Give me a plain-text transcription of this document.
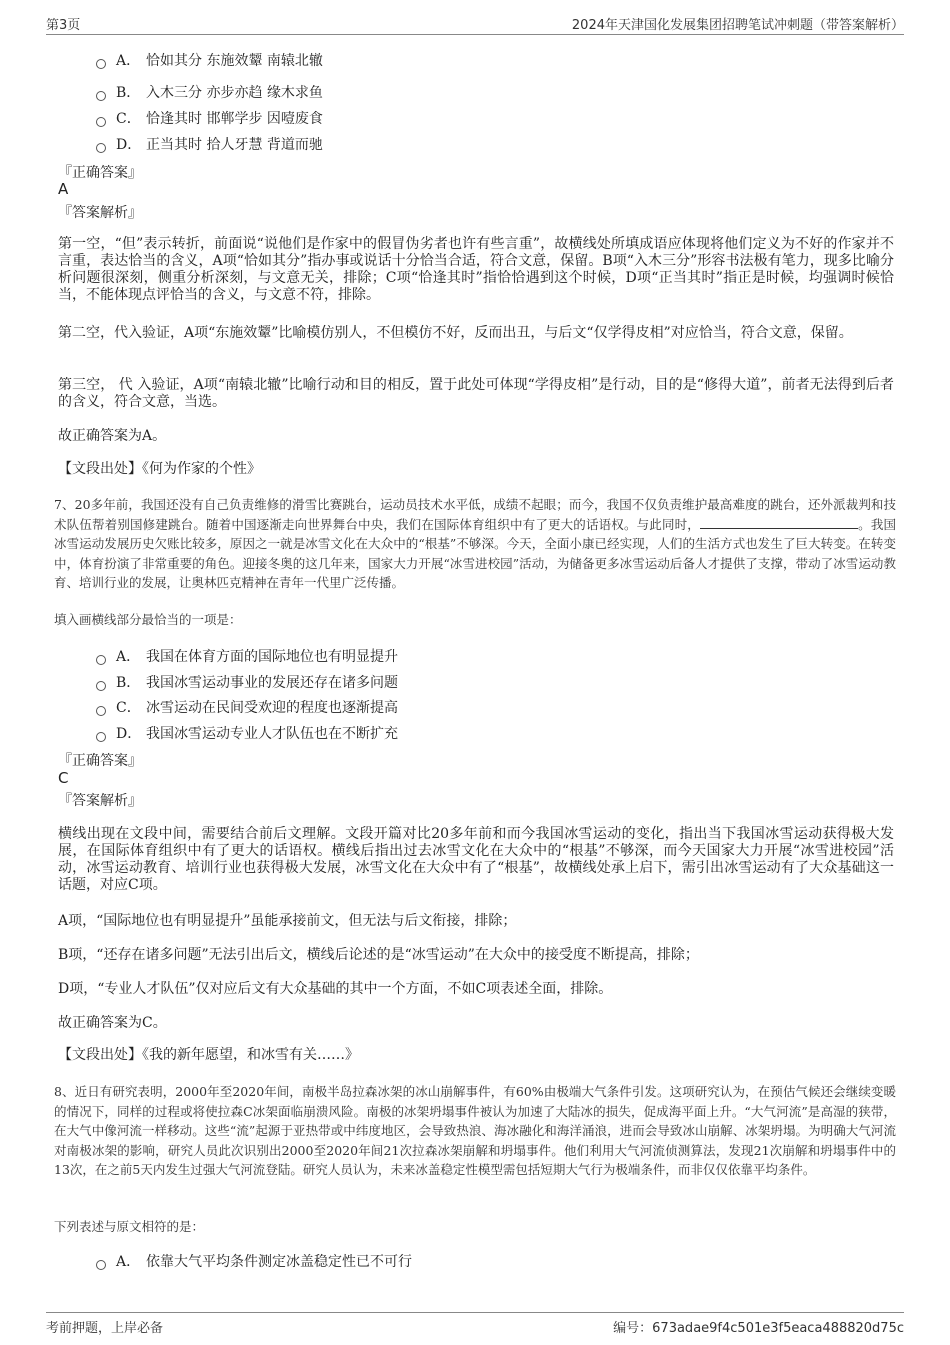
第3页	2024年天津国化发展集团招聘笔试冲刺题（带答案解析）
A． 恰如其分 东施效颦 南辕北辙
B． 入木三分 亦步亦趋 缘木求鱼
C． 恰逢其时 邯郸学步 因噎废食
D． 正当其时 拾人牙慧 背道而驰
『正确答案』
A
『答案解析』

第一空，“但”表示转折，前面说“说他们是作家中的假冒伪劣者也许有些言重”，故横线处所填成语应体现将他们定义为不好的作家并不言重，表达恰当的含义，A项“恰如其分”指办事或说话十分恰当合适，符合文意，保留。B项“入木三分”形容书法极有笔力，现多比喻分析问题很深刻，侧重分析深刻，与文意无关，排除；C项“恰逢其时”指恰恰遇到这个时候，D项“正当其时”指正是时候，均强调时候恰当，不能体现点评恰当的含义，与文意不符，排除。

第二空，代入验证，A项“东施效颦”比喻模仿别人，不但模仿不好，反而出丑，与后文“仅学得皮相”对应恰当，符合文意，保留。

第三空， 代 入验证，A项“南辕北辙”比喻行动和目的相反，置于此处可体现“学得皮相”是行动，目的是“修得大道”，前者无法得到后者的含义，符合文意，当选。

故正确答案为A。

【文段出处】《何为作家的个性》

7、20多年前，我国还没有自己负责维修的滑雪比赛跳台，运动员技术水平低，成绩不起眼；而今，我国不仅负责维护最高难度的跳台，还外派裁判和技术队伍帮着别国修建跳台。随着中国逐渐走向世界舞台中央，我们在国际体育组织中有了更大的话语权。与此同时，	。我国冰雪运动发展历史欠账比较多，原因之一就是冰雪文化在大众中的“根基”不够深。今天，全面小康已经实现，人们的生活方式也发生了巨大转变。在转变中，体育扮演了非常重要的角色。迎接冬奥的这几年来，国家大力开展“冰雪进校园”活动，为储备更多冰雪运动后备人才提供了支撑，带动了冰雪运动教育、培训行业的发展，让奥林匹克精神在青年一代里广泛传播。

填入画横线部分最恰当的一项是：
A． 我国在体育方面的国际地位也有明显提升
B． 我国冰雪运动事业的发展还存在诸多问题
C． 冰雪运动在民间受欢迎的程度也逐渐提高
D． 我国冰雪运动专业人才队伍也在不断扩充
『正确答案』
C
『答案解析』

横线出现在文段中间，需要结合前后文理解。文段开篇对比20多年前和而今我国冰雪运动的变化，指出当下我国冰雪运动获得极大发展，在国际体育组织中有了更大的话语权。横线后指出过去冰雪文化在大众中的“根基”不够深，而今天国家大力开展“冰雪进校园”活动，冰雪运动教育、培训行业也获得极大发展，冰雪文化在大众中有了“根基”，故横线处承上启下，需引出冰雪运动有了大众基础这一话题，对应C项。

A项，“国际地位也有明显提升”虽能承接前文，但无法与后文衔接，排除；

B项，“还存在诸多问题”无法引出后文，横线后论述的是“冰雪运动”在大众中的接受度不断提高，排除；

D项，“专业人才队伍”仅对应后文有大众基础的其中一个方面，不如C项表述全面，排除。

故正确答案为C。

【文段出处】《我的新年愿望，和冰雪有关……》

8、近日有研究表明，2000年至2020年间，南极半岛拉森冰架的冰山崩解事件，有60%由极端大气条件引发。这项研究认为，在预估气候还会继续变暖的情况下，同样的过程或将使拉森C冰架面临崩溃风险。南极的冰架坍塌事件被认为加速了大陆冰的损失，促成海平面上升。“大气河流”是高湿的狭带，在大气中像河流一样移动。这些“流”起源于亚热带或中纬度地区，会导致热浪、海冰融化和海洋涌浪，进而会导致冰山崩解、冰架坍塌。为明确大气河流对南极冰架的影响，研究人员此次识别出2000至2020年间21次拉森冰架崩解和坍塌事件。他们利用大气河流侦测算法，发现21次崩解和坍塌事件中的13次，在之前5天内发生过强大气河流登陆。研究人员认为，未来冰盖稳定性模型需包括短期大气行为极端条件，而非仅仅依靠平均条件。

下列表述与原文相符的是：
A． 依靠大气平均条件测定冰盖稳定性已不可行
考前押题，上岸必备	编号：673adae9f4c501e3f5eaca488820d75c
